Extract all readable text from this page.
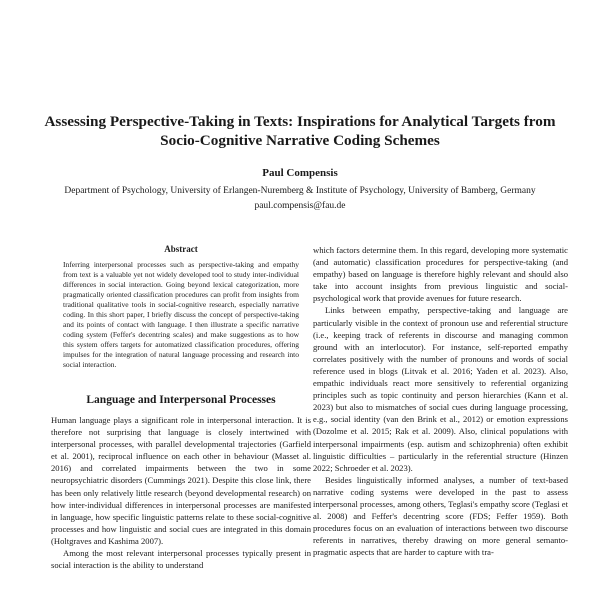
Assessing Perspective-Taking in Texts: Inspirations for Analytical Targets from
Socio-Cognitive Narrative Coding Schemes
Paul Compensis
Department of Psychology, University of Erlangen-Nuremberg & Institute of Psychology, University of Bamberg, Germany
paul.compensis@fau.de
Abstract

Inferring interpersonal processes such as perspective-taking and empathy from text is a valuable yet not widely developed tool to study inter-individual differences in social interaction. Going beyond lexical categorization, more pragmatically oriented classification procedures can profit from insights from traditional qualitative tools in social-cognitive research, especially narrative coding. In this short paper, I briefly discuss the concept of perspective-taking and its points of contact with language. I then illustrate a specific narrative coding system (Feffer's decentring scales) and make suggestions as to how this system offers targets for automatized classification procedures, offering impulses for the integration of natural language processing and research into social interaction.

Language and Interpersonal Processes

Human language plays a significant role in interpersonal interaction. It is therefore not surprising that language is closely intertwined with interpersonal processes, with parallel developmental trajectories (Garfield et al. 2001), reciprocal influence on each other in behaviour (Masset al. 2016) and correlated impairments between the two in some neuropsychiatric disorders (Cummings 2021). Despite this close link, there has been only relatively little research (beyond developmental research) on how inter-individual differences in interpersonal processes are manifested in language, how specific linguistic patterns relate to these social-cognitive processes and how linguistic and social cues are integrated in this domain (Holtgraves and Kashima 2007).

Among the most relevant interpersonal processes typically present in social interaction is the ability to understand

which factors determine them. In this regard, developing more systematic (and automatic) classification procedures for perspective-taking (and empathy) based on language is therefore highly relevant and should also take into account insights from previous linguistic and social-psychological work that provide avenues for future research.

Links between empathy, perspective-taking and language are particularly visible in the context of pronoun use and referential structure (i.e., keeping track of referents in discourse and managing common ground with an interlocutor). For instance, self-reported empathy correlates positively with the number of pronouns and words of social reference used in blogs (Litvak et al. 2016; Yaden et al. 2023). Also, empathic individuals react more sensitively to referential organizing principles such as topic continuity and person hierarchies (Kann et al. 2023) but also to mismatches of social cues during language processing, e.g., social identity (van den Brink et al., 2012) or emotion expressions (Dozolme et al. 2015; Rak et al. 2009). Also, clinical populations with interpersonal impairments (esp. autism and schizophrenia) often exhibit linguistic difficulties – particularly in the referential structure (Hinzen 2022; Schroeder et al. 2023).

Besides linguistically informed analyses, a number of text-based narrative coding systems were developed in the past to assess interpersonal processes, among others, Teglasi's empathy score (Teglasi et al. 2008) and Feffer's decentring score (FDS; Feffer 1959). Both procedures focus on an evaluation of interactions between two discourse referents in narratives, thereby drawing on more general semanto-pragmatic aspects that are harder to capture with tra-
